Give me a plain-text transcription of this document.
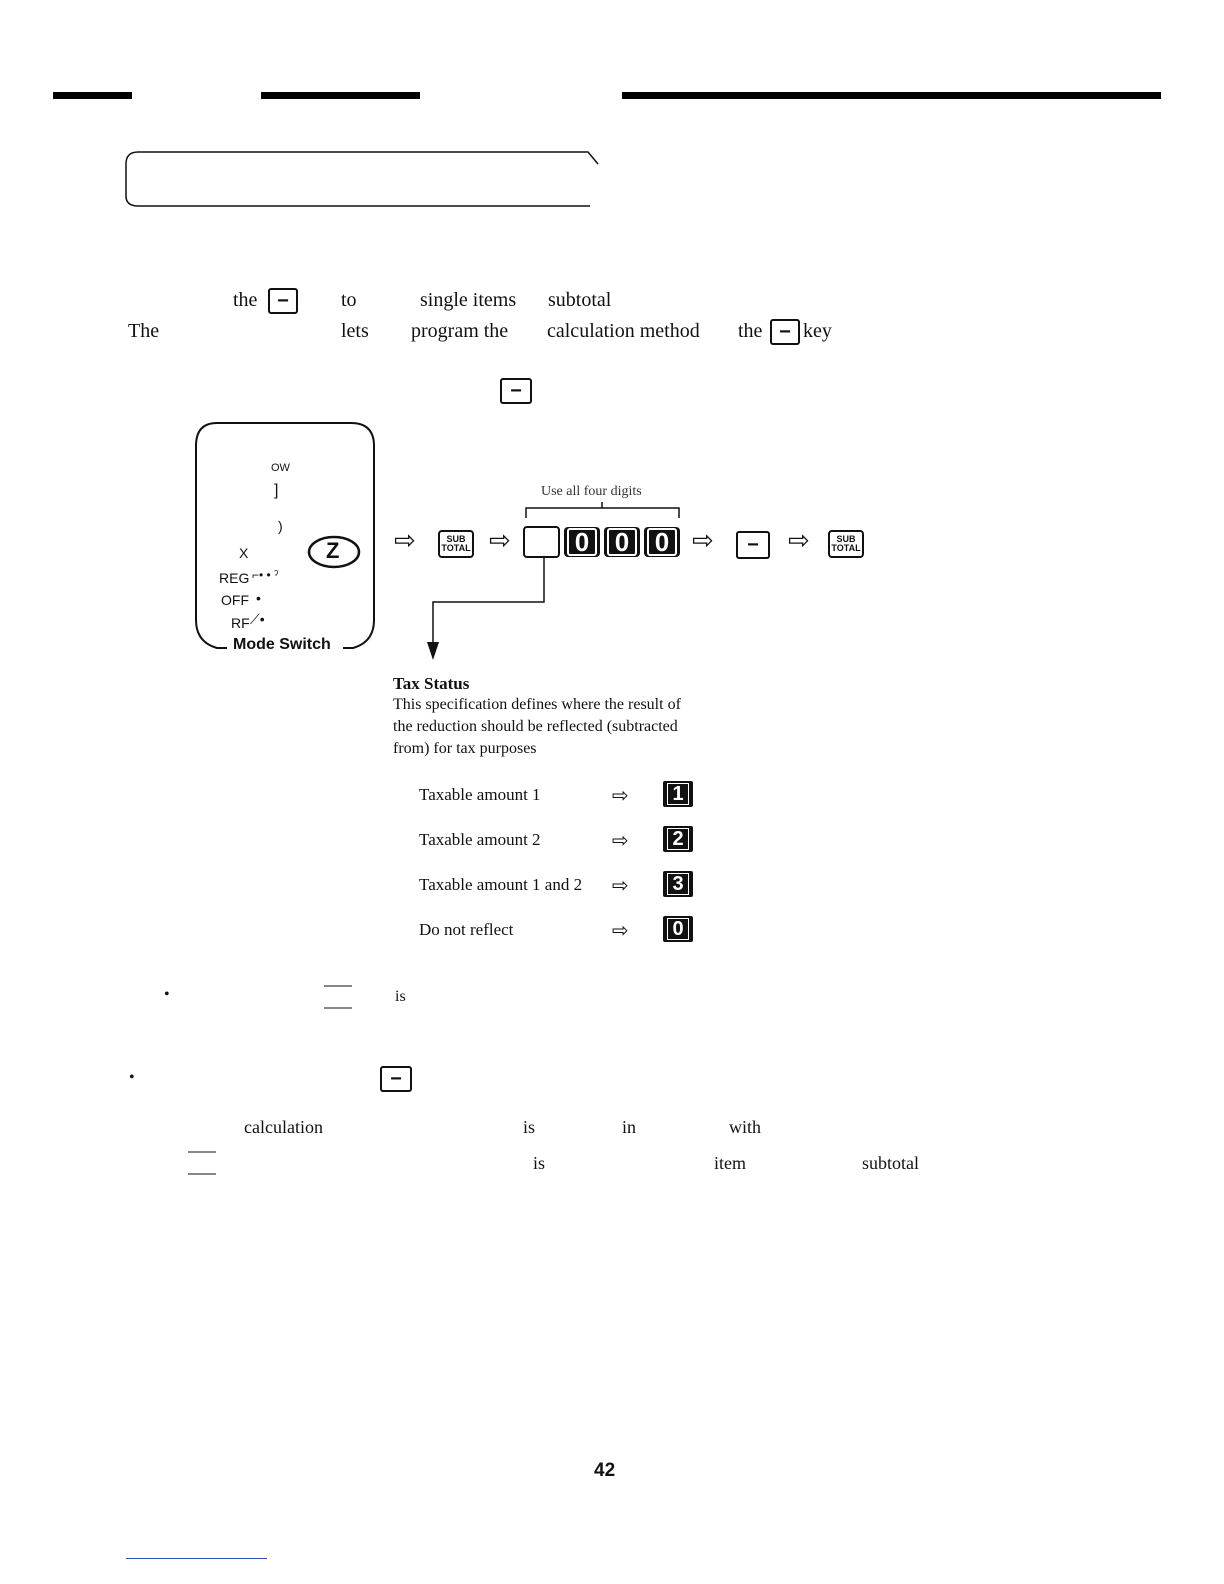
the −	to	single items subtotal
The	lets program the calculation method the − key
−
OW
]
)
X
REG ⌐• • ˀ
OFF •
RF ⟋•
Mode Switch
Z ⇨	SUB
TOTAL ⇨
Use all four digits
0 0 0 ⇨ − ⇨	SUB
TOTAL
Tax Status
This specification defines where the result of
the reduction should be reflected (subtracted
from) for tax purposes
Taxable amount 1	⇨ 1
Taxable amount 2	⇨ 2
Taxable amount 1 and 2 ⇨ 3
Do not reflect	⇨ 0
•	is
•	−
calculation	is	in	with
is	item	subtotal
42
